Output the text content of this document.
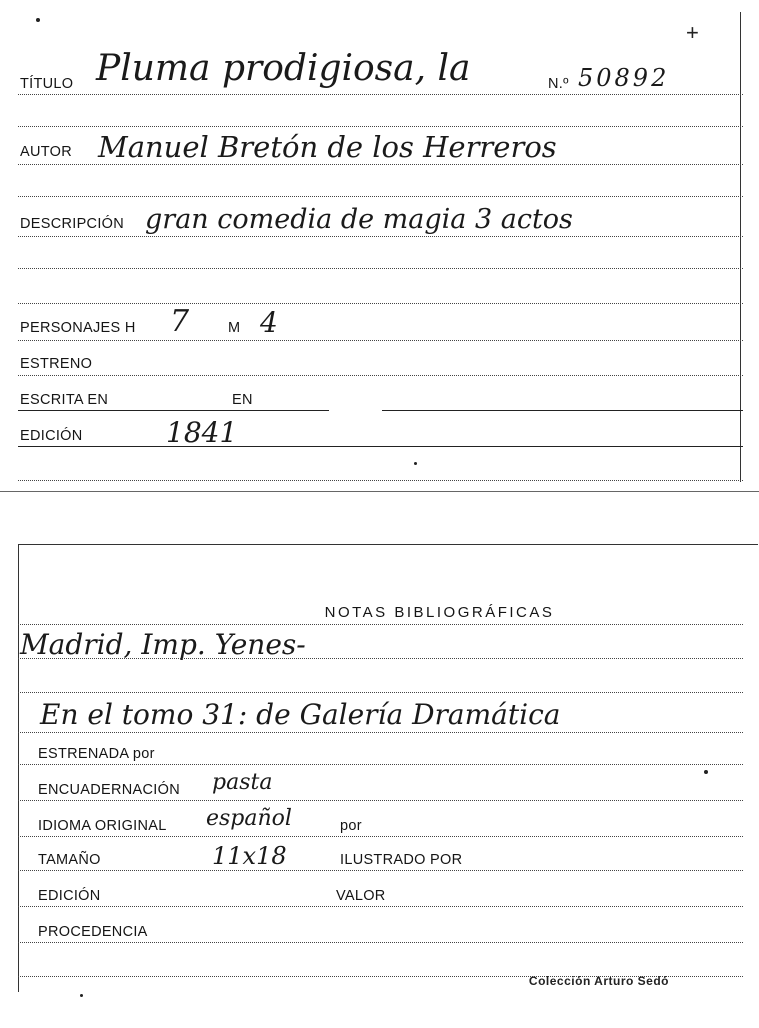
+
TÍTULO Pluma prodigiosa, la	N.º 50892
AUTOR Manuel Bretón de los Herreros
DESCRIPCIÓN gran comedia de magia 3 actos
PERSONAJES H 7	M 4
ESTRENO
ESCRITA EN	EN
EDICIÓN	1841
NOTAS BIBLIOGRÁFICAS
Madrid, Imp. Yenes-
En el tomo 31: de Galería Dramática
ESTRENADA por
ENCUADERNACIÓN pasta
IDIOMA ORIGINAL español	por
TAMAÑO	11x18	ILUSTRADO POR
EDICIÓN	VALOR
PROCEDENCIA
Colección Arturo Sedó
